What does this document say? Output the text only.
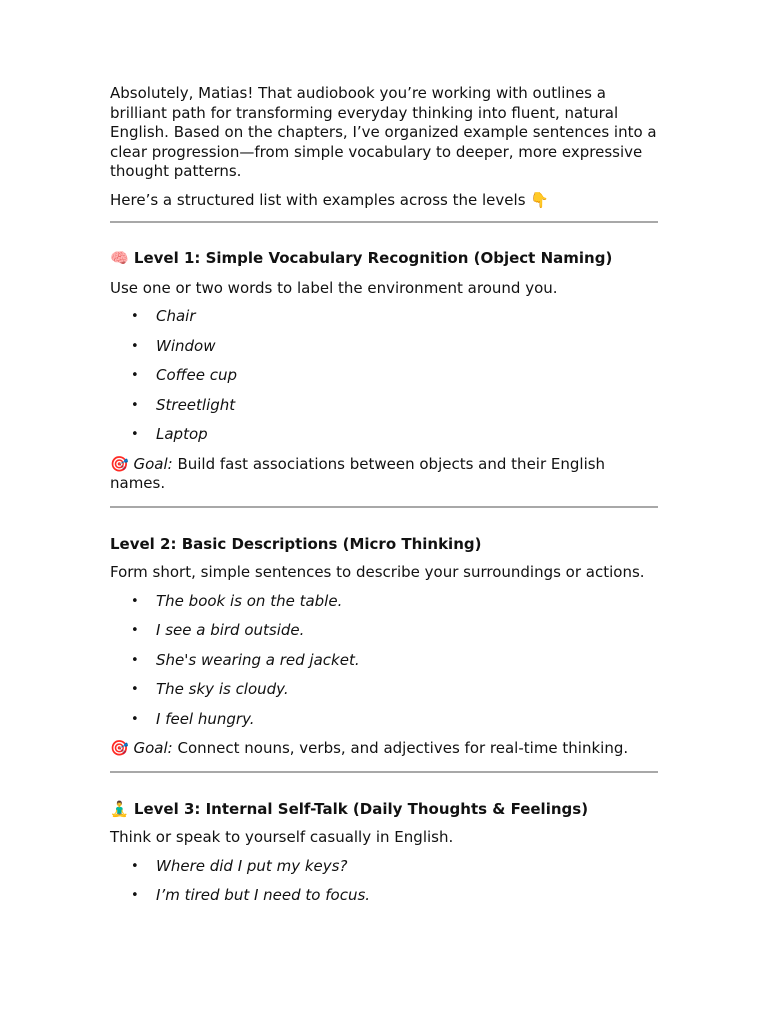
Absolutely, Matias! That audiobook you’re working with outlines a brilliant path for transforming everyday thinking into fluent, natural English. Based on the chapters, I’ve organized example sentences into a clear progression—from simple vocabulary to deeper, more expressive thought patterns.

Here’s a structured list with examples across the levels 👇

🧠 Level 1: Simple Vocabulary Recognition (Object Naming)

Use one or two words to label the environment around you.

• Chair
• Window
• Coffee cup
• Streetlight
• Laptop

🎯 Goal: Build fast associations between objects and their English names.

Level 2: Basic Descriptions (Micro Thinking)

Form short, simple sentences to describe your surroundings or actions.

• The book is on the table.
• I see a bird outside.
• She's wearing a red jacket.
• The sky is cloudy.
• I feel hungry.

🎯 Goal: Connect nouns, verbs, and adjectives for real-time thinking.

🧘‍♂️ Level 3: Internal Self-Talk (Daily Thoughts & Feelings)

Think or speak to yourself casually in English.

• Where did I put my keys?
• I’m tired but I need to focus.
